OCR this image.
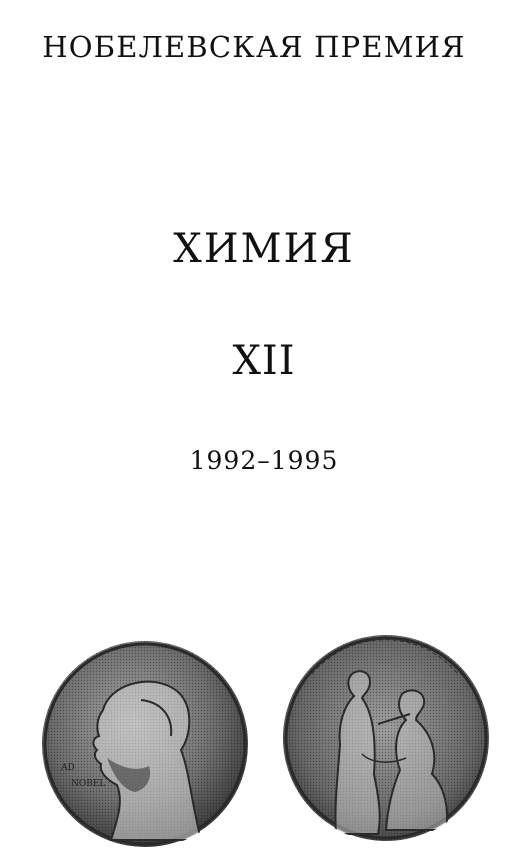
НОБЕЛЕВСКАЯ ПРЕМИЯ
ХИМИЯ
XII
1992–1995
AD
NOBEL
